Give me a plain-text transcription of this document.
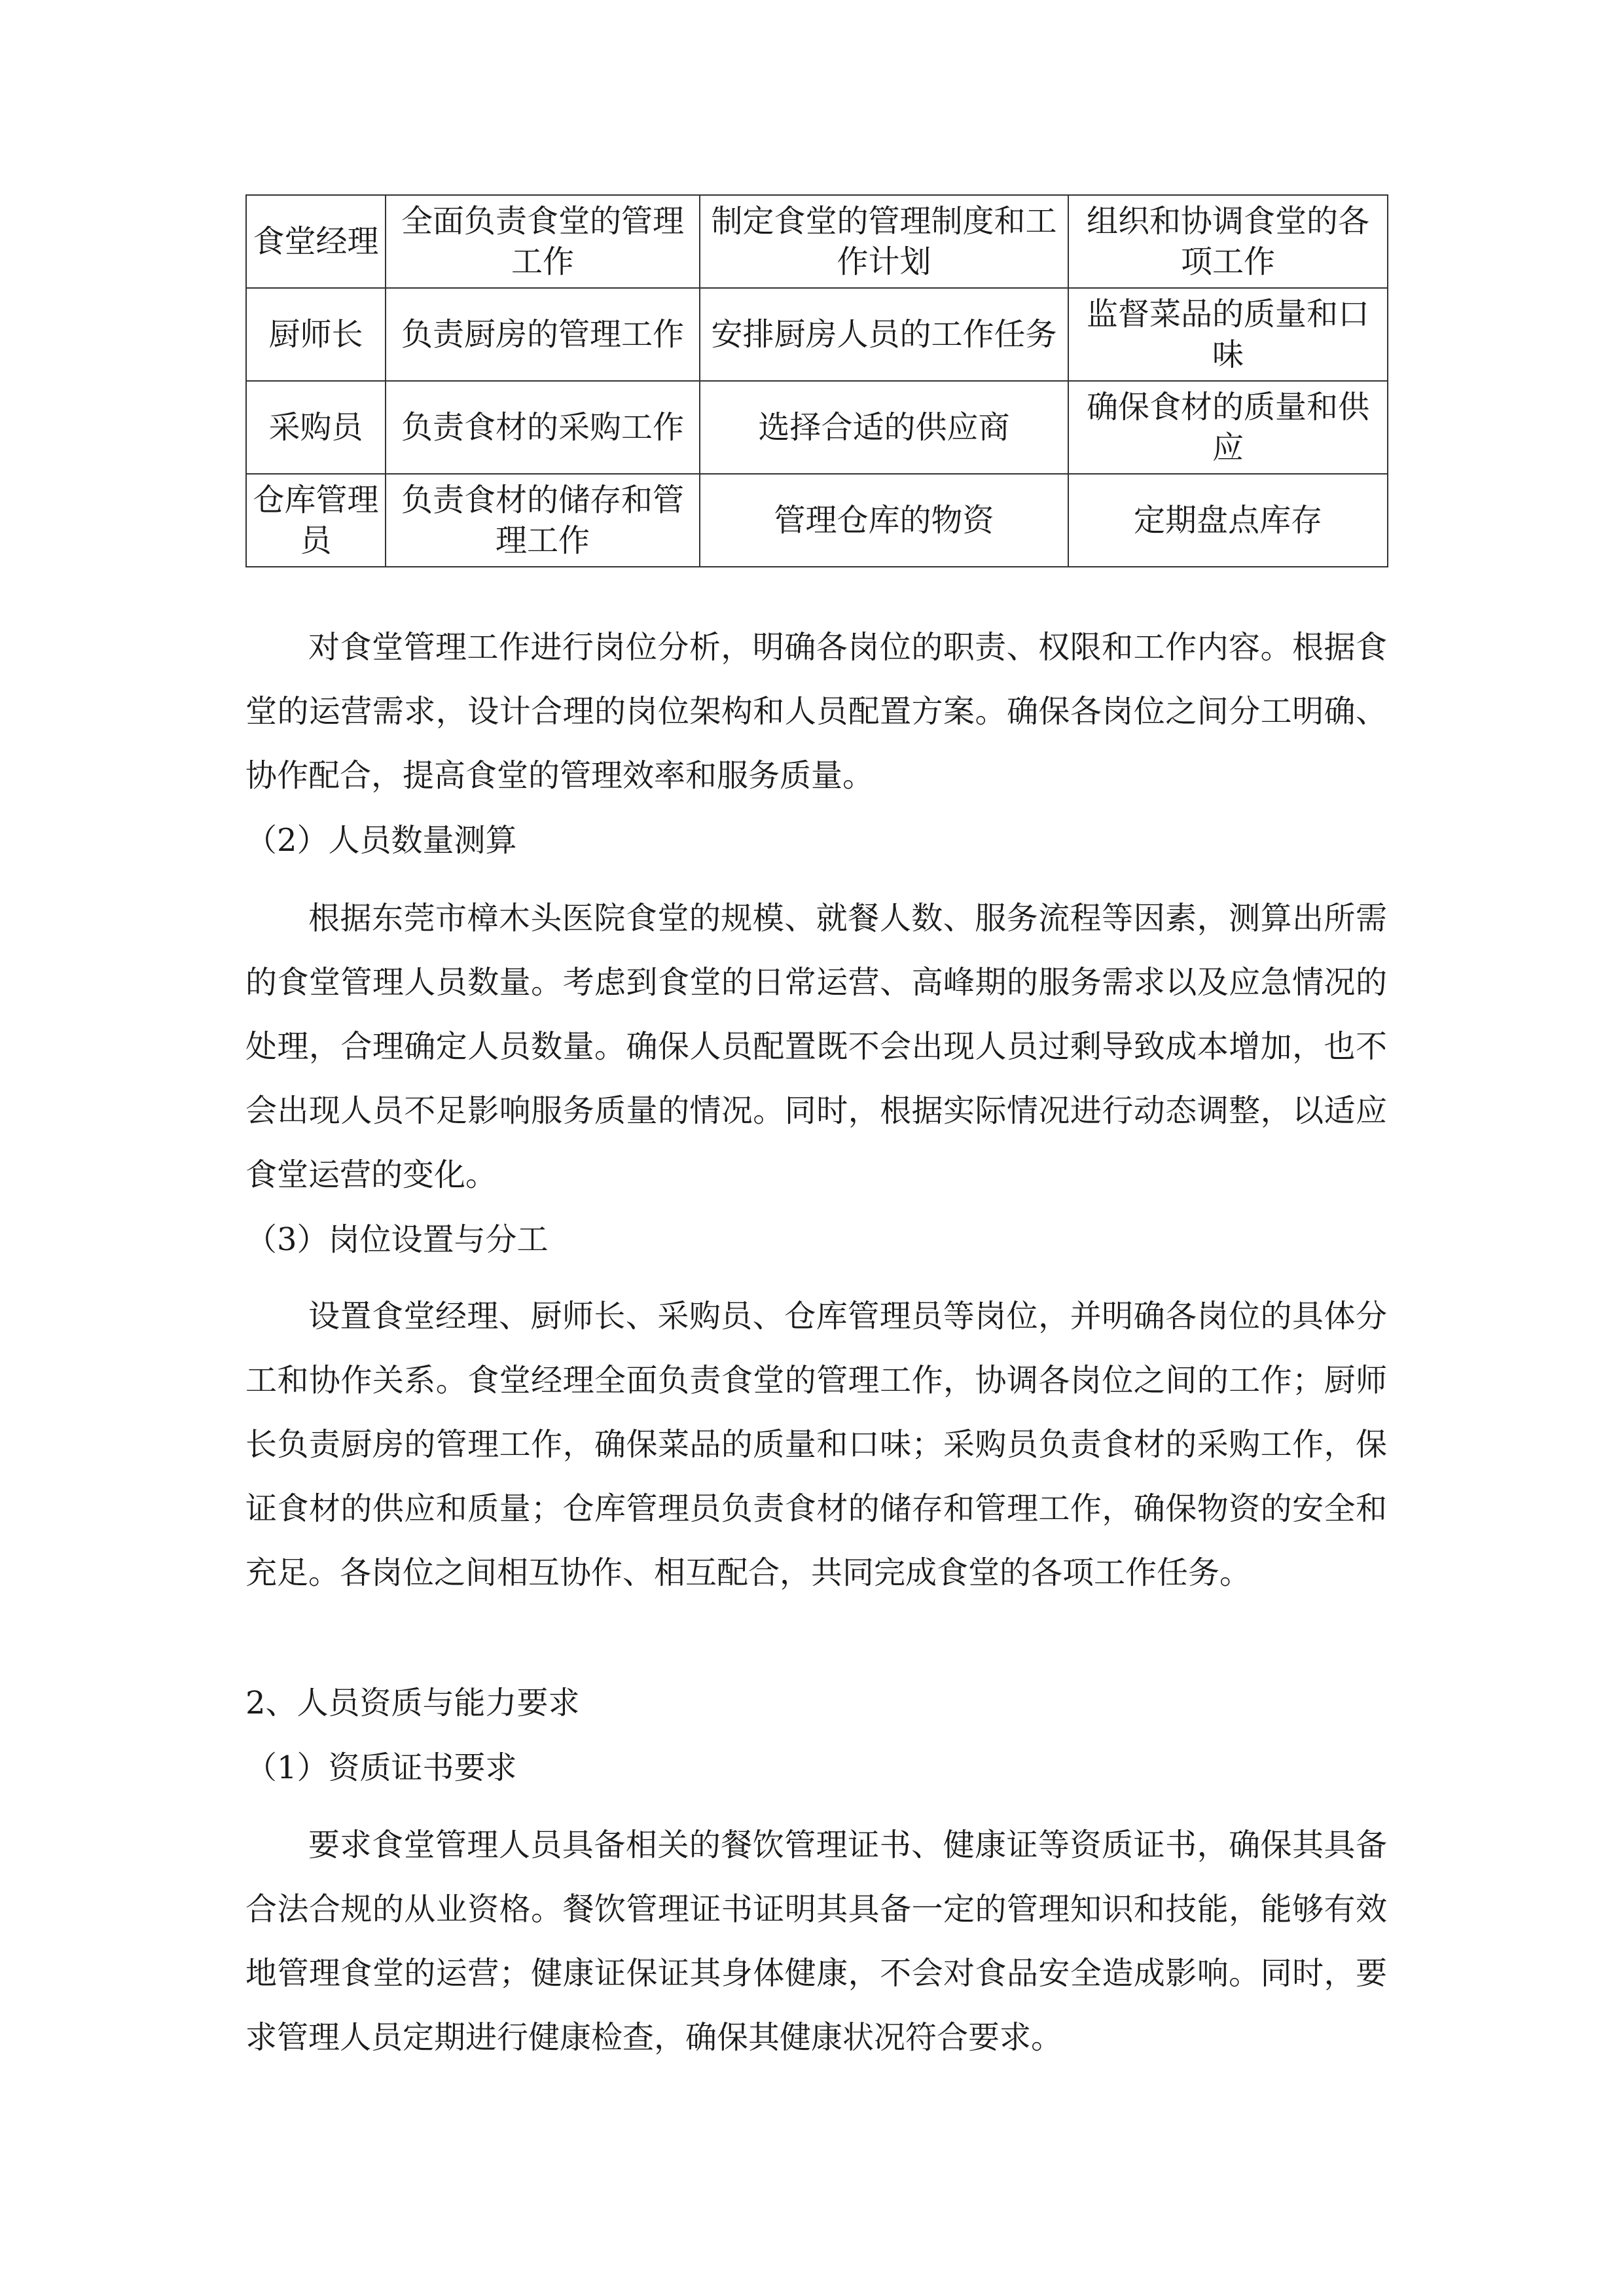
食堂经理	全面负责食堂的管理工作	制定食堂的管理制度和工作计划	组织和协调食堂的各项工作
厨师长	负责厨房的管理工作	安排厨房人员的工作任务	监督菜品的质量和口味
采购员	负责食材的采购工作	选择合适的供应商	确保食材的质量和供应
仓库管理员	负责食材的储存和管理工作	管理仓库的物资	定期盘点库存

对食堂管理工作进行岗位分析，明确各岗位的职责、权限和工作内容。根据食堂的运营需求，设计合理的岗位架构和人员配置方案。确保各岗位之间分工明确、协作配合，提高食堂的管理效率和服务质量。

（2）人员数量测算

根据东莞市樟木头医院食堂的规模、就餐人数、服务流程等因素，测算出所需的食堂管理人员数量。考虑到食堂的日常运营、高峰期的服务需求以及应急情况的处理，合理确定人员数量。确保人员配置既不会出现人员过剩导致成本增加，也不会出现人员不足影响服务质量的情况。同时，根据实际情况进行动态调整，以适应食堂运营的变化。

（3）岗位设置与分工

设置食堂经理、厨师长、采购员、仓库管理员等岗位，并明确各岗位的具体分工和协作关系。食堂经理全面负责食堂的管理工作，协调各岗位之间的工作；厨师长负责厨房的管理工作，确保菜品的质量和口味；采购员负责食材的采购工作，保证食材的供应和质量；仓库管理员负责食材的储存和管理工作，确保物资的安全和充足。各岗位之间相互协作、相互配合，共同完成食堂的各项工作任务。

2、人员资质与能力要求

（1）资质证书要求

要求食堂管理人员具备相关的餐饮管理证书、健康证等资质证书，确保其具备合法合规的从业资格。餐饮管理证书证明其具备一定的管理知识和技能，能够有效地管理食堂的运营；健康证保证其身体健康，不会对食品安全造成影响。同时，要求管理人员定期进行健康检查，确保其健康状况符合要求。
